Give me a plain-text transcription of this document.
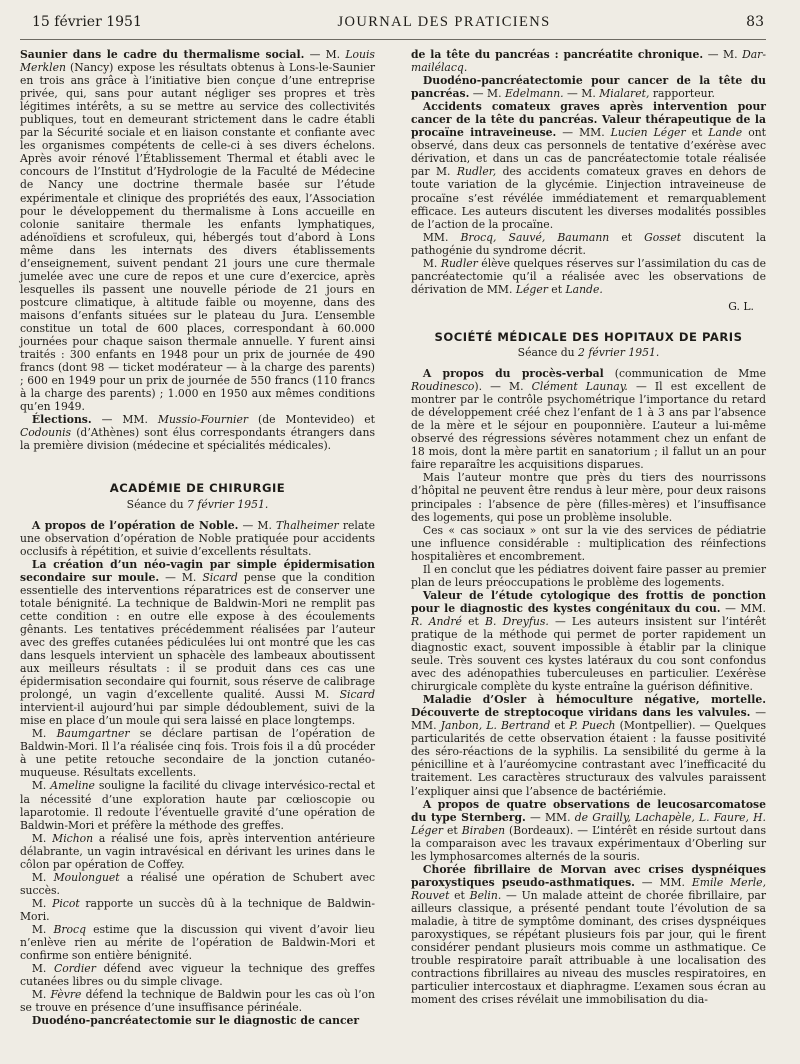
15 février 1951	JOURNAL DES PRATICIENS	83

Saunier dans le cadre du thermalisme social. — M. Louis Merklen (Nancy) expose les résultats obtenus à Lons-le-Saunier en trois ans grâce à l’initiative bien conçue d’une entreprise privée, qui, sans pour autant négliger ses propres et très légitimes intérêts, a su se mettre au service des collectivités publiques, tout en demeurant strictement dans le cadre établi par la Sécurité sociale et en liaison constante et confiante avec les organismes compétents de celle-ci à ses divers échelons. Après avoir rénové l’Établissement Thermal et établi avec le concours de l’Institut d’Hydrologie de la Faculté de Médecine de Nancy une doctrine thermale basée sur l’étude expérimentale et clinique des propriétés des eaux, l’Association pour le développement du thermalisme à Lons accueille en colonie sanitaire thermale les enfants lymphatiques, adénoïdiens et scrofuleux, qui, hébergés tout d’abord à Lons même dans les internats des divers établissements d’enseignement, suivent pendant 21 jours une cure thermale jumelée avec une cure de repos et une cure d’exercice, après lesquelles ils passent une nouvelle période de 21 jours en postcure climatique, à altitude faible ou moyenne, dans des maisons d’enfants situées sur le plateau du Jura. L’ensemble constitue un total de 600 places, correspondant à 60.000 journées pour chaque saison thermale annuelle. Y furent ainsi traités : 300 enfants en 1948 pour un prix de journée de 490 francs (dont 98 — ticket modérateur — à la charge des parents) ; 600 en 1949 pour un prix de journée de 550 francs (110 francs à la charge des parents) ; 1.000 en 1950 aux mêmes conditions qu’en 1949.

Élections. — MM. Mussio-Fournier (de Montevideo) et Codounis (d’Athènes) sont élus correspondants étrangers dans la première division (médecine et spécialités médicales).

ACADÉMIE DE CHIRURGIE

Séance du 7 février 1951.

A propos de l’opération de Noble. — M. Thalheimer relate une observation d’opération de Noble pratiquée pour accidents occlusifs à répétition, et suivie d’excellents résultats.

La création d’un néo-vagin par simple épidermisation secondaire sur moule. — M. Sicard pense que la condition essentielle des interventions réparatrices est de conserver une totale bénignité. La technique de Baldwin-Mori ne remplit pas cette condition : en outre elle expose à des écoulements gênants. Les tentatives précédemment réalisées par l’auteur avec des greffes cutanées pédiculées lui ont montré que les cas dans lesquels intervient un sphacèle des lambeaux aboutissent aux meilleurs résultats : il se produit dans ces cas une épidermisation secondaire qui fournit, sous réserve de calibrage prolongé, un vagin d’excellente qualité. Aussi M. Sicard intervient-il aujourd’hui par simple dédoublement, suivi de la mise en place d’un moule qui sera laissé en place longtemps.

M. Baumgartner se déclare partisan de l’opération de Baldwin-Mori. Il l’a réalisée cinq fois. Trois fois il a dû procéder à une petite retouche secondaire de la jonction cutanéo-muqueuse. Résultats excellents.

M. Ameline souligne la facilité du clivage intervésico-rectal et la nécessité d’une exploration haute par cœlioscopie ou laparotomie. Il redoute l’éventuelle gravité d’une opération de Baldwin-Mori et préfère la méthode des greffes.

M. Michon a réalisé une fois, après intervention antérieure délabrante, un vagin intravésical en dérivant les urines dans le côlon par opération de Coffey.

M. Moulonguet a réalisé une opération de Schubert avec succès.

M. Picot rapporte un succès dû à la technique de Baldwin-Mori.

M. Brocq estime que la discussion qui vivent d’avoir lieu n’enlève rien au mérite de l’opération de Baldwin-Mori et confirme son entière bénignité.

M. Cordier défend avec vigueur la technique des greffes cutanées libres ou du simple clivage.

M. Fèvre défend la technique de Baldwin pour les cas où l’on se trouve en présence d’une insuffisance périnéale.

Duodéno-pancréatectomie sur le diagnostic de cancer

de la tête du pancréas : pancréatite chronique. — M. Dar-mailélacq.

Duodéno-pancréatectomie pour cancer de la tête du pancréas. — M. Edelmann. — M. Mialaret, rapporteur.

Accidents comateux graves après intervention pour cancer de la tête du pancréas. Valeur thérapeutique de la procaïne intraveineuse. — MM. Lucien Léger et Lande ont observé, dans deux cas personnels de tentative d’exérèse avec dérivation, et dans un cas de pancréatectomie totale réalisée par M. Rudler, des accidents comateux graves en dehors de toute variation de la glycémie. L’injection intraveineuse de procaïne s’est révélée immédiatement et remarquablement efficace. Les auteurs discutent les diverses modalités possibles de l’action de la procaïne.

MM. Brocq, Sauvé, Baumann et Gosset discutent la pathogénie du syndrome décrit.

M. Rudler élève quelques réserves sur l’assimilation du cas de pancréatectomie qu’il a réalisée avec les observations de dérivation de MM. Léger et Lande.

G. L.

SOCIÉTÉ MÉDICALE DES HOPITAUX DE PARIS

Séance du 2 février 1951.

A propos du procès-verbal (communication de Mme Roudinesco). — M. Clément Launay. — Il est excellent de montrer par le contrôle psychométrique l’importance du retard de développement créé chez l’enfant de 1 à 3 ans par l’absence de la mère et le séjour en pouponnière. L’auteur a lui-même observé des régressions sévères notamment chez un enfant de 18 mois, dont la mère partit en sanatorium ; il fallut un an pour faire reparaître les acquisitions disparues.

Mais l’auteur montre que près du tiers des nourrissons d’hôpital ne peuvent être rendus à leur mère, pour deux raisons principales : l’absence de père (filles-mères) et l’insuffisance des logements, qui pose un problème insoluble.

Ces « cas sociaux » ont sur la vie des services de pédiatrie une influence considérable : multiplication des réinfections hospitalières et encombrement.

Il en conclut que les pédiatres doivent faire passer au premier plan de leurs préoccupations le problème des logements.

Valeur de l’étude cytologique des frottis de ponction pour le diagnostic des kystes congénitaux du cou. — MM. R. André et B. Dreyfus. — Les auteurs insistent sur l’intérêt pratique de la méthode qui permet de porter rapidement un diagnostic exact, souvent impossible à établir par la clinique seule. Très souvent ces kystes latéraux du cou sont confondus avec des adénopathies tuberculeuses en particulier. L’exérèse chirurgicale complète du kyste entraîne la guérison définitive.

Maladie d’Osler à hémoculture négative, mortelle. Découverte de streptocoque viridans dans les valvules. — MM. Janbon, L. Bertrand et P. Puech (Montpellier). — Quelques particularités de cette observation étaient : la fausse positivité des séro-réactions de la syphilis. La sensibilité du germe à la pénicilline et à l’auréomycine contrastant avec l’inefficacité du traitement. Les caractères structuraux des valvules paraissent l’expliquer ainsi que l’absence de bactériémie.

A propos de quatre observations de leucosarcomatose du type Sternberg. — MM. de Grailly, Lachapèle, L. Faure, H. Léger et Biraben (Bordeaux). — L’intérêt en réside surtout dans la comparaison avec les travaux expérimentaux d’Oberling sur les lymphosarcomes alternés de la souris.

Chorée fibrillaire de Morvan avec crises dyspnéiques paroxystiques pseudo-asthmatiques. — MM. Emile Merle, Rouvet et Belin. — Un malade atteint de chorée fibrillaire, par ailleurs classique, a présenté pendant toute l’évolution de sa maladie, à titre de symptôme dominant, des crises dyspnéiques paroxystiques, se répétant plusieurs fois par jour, qui le firent considérer pendant plusieurs mois comme un asthmatique. Ce trouble respiratoire paraît attribuable à une localisation des contractions fibrillaires au niveau des muscles respiratoires, en particulier intercostaux et diaphragme. L’examen sous écran au moment des crises révélait une immobilisation du dia-
